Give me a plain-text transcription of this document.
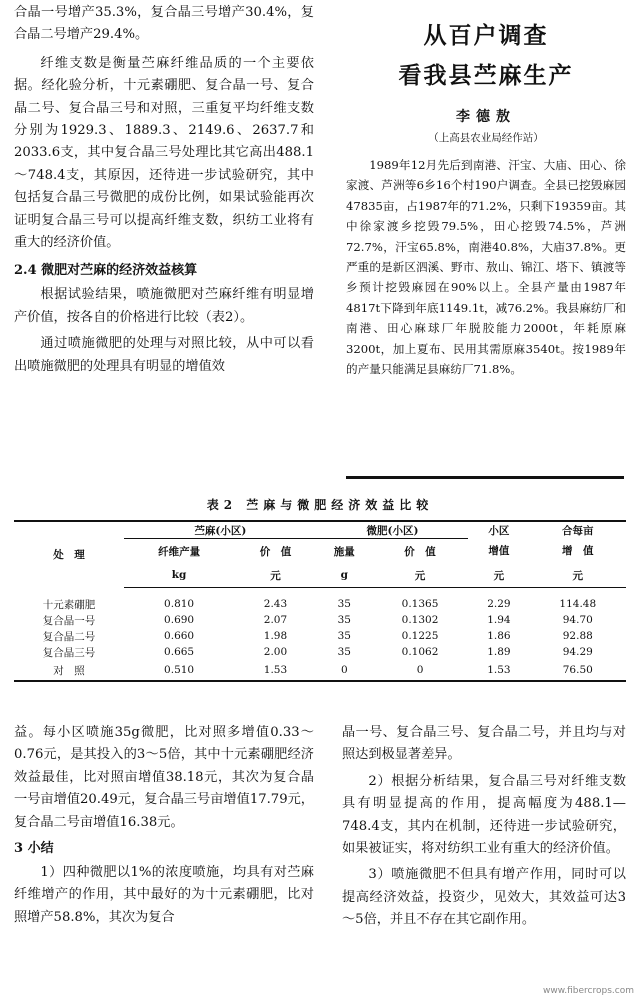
合晶一号增产35.3%，复合晶三号增产30.4%，复合晶二号增产29.4%。

纤维支数是衡量苎麻纤维品质的一个主要依据。经化验分析，十元素硼肥、复合晶一号、复合晶二号、复合晶三号和对照，三重复平均纤维支数分别为1929.3、1889.3、2149.6、2637.7和2033.6支，其中复合晶三号处理比其它高出488.1～748.4支，其原因，还待进一步试验研究，其中包括复合晶三号微肥的成份比例，如果试验能再次证明复合晶三号可以提高纤维支数，织纺工业将有重大的经济价值。

2.4 微肥对苎麻的经济效益核算

根据试验结果，喷施微肥对苎麻纤维有明显增产价值，按各自的价格进行比较（表2）。

通过喷施微肥的处理与对照比较，从中可以看出喷施微肥的处理具有明显的增值效

从百户调查
看我县苎麻生产
李德敖
（上高县农业局经作站）

1989年12月先后到南港、汗宝、大庙、田心、徐家渡、芦洲等6乡16个村190户调查。全县已挖毁麻园47835亩，占1987年的71.2%，只剩下19359亩。其中徐家渡乡挖毁79.5%，田心挖毁74.5%，芦洲72.7%，汗宝65.8%，南港40.8%，大庙37.8%。更严重的是新区泗溪、野市、敖山、锦江、塔下、镇渡等乡预计挖毁麻园在90%以上。全县产量由1987年4817t下降到年底1149.1t，减76.2%。我县麻纺厂和南港、田心麻球厂年脱胶能力2000t，年耗原麻3200t，加上夏布、民用其需原麻3540t。按1989年的产量只能满足县麻纺厂71.8%。

表2 苎麻与微肥经济效益比较
处　理	苎麻(小区)		微肥(小区)		小区	合每亩
	纤维产量	价　值	施量	价　值	增值	增　值
	kg	元	g	元	元	元

十元素硼肥	0.810	2.43	35	0.1365	2.29	114.48
复合晶一号	0.690	2.07	35	0.1302	1.94	94.70
复合晶二号	0.660	1.98	35	0.1225	1.86	92.88
复合晶三号	0.665	2.00	35	0.1062	1.89	94.29
对　照	0.510	1.53	0	0	1.53	76.50

益。每小区喷施35g微肥，比对照多增值0.33～0.76元，是其投入的3～5倍，其中十元素硼肥经济效益最佳，比对照亩增值38.18元，其次为复合晶一号亩增值20.49元，复合晶三号亩增值17.79元，复合晶二号亩增值16.38元。

3 小结

1）四种微肥以1%的浓度喷施，均具有对苎麻纤维增产的作用，其中最好的为十元素硼肥，比对照增产58.8%，其次为复合

晶一号、复合晶三号、复合晶二号，并且均与对照达到极显著差异。

2）根据分析结果，复合晶三号对纤维支数具有明显提高的作用，提高幅度为488.1—748.4支，其内在机制，还待进一步试验研究，如果被证实，将对纺织工业有重大的经济价值。

3）喷施微肥不但具有增产作用，同时可以提高经济效益，投资少，见效大，其效益可达3～5倍，并且不存在其它副作用。

www.fibercrops.com
